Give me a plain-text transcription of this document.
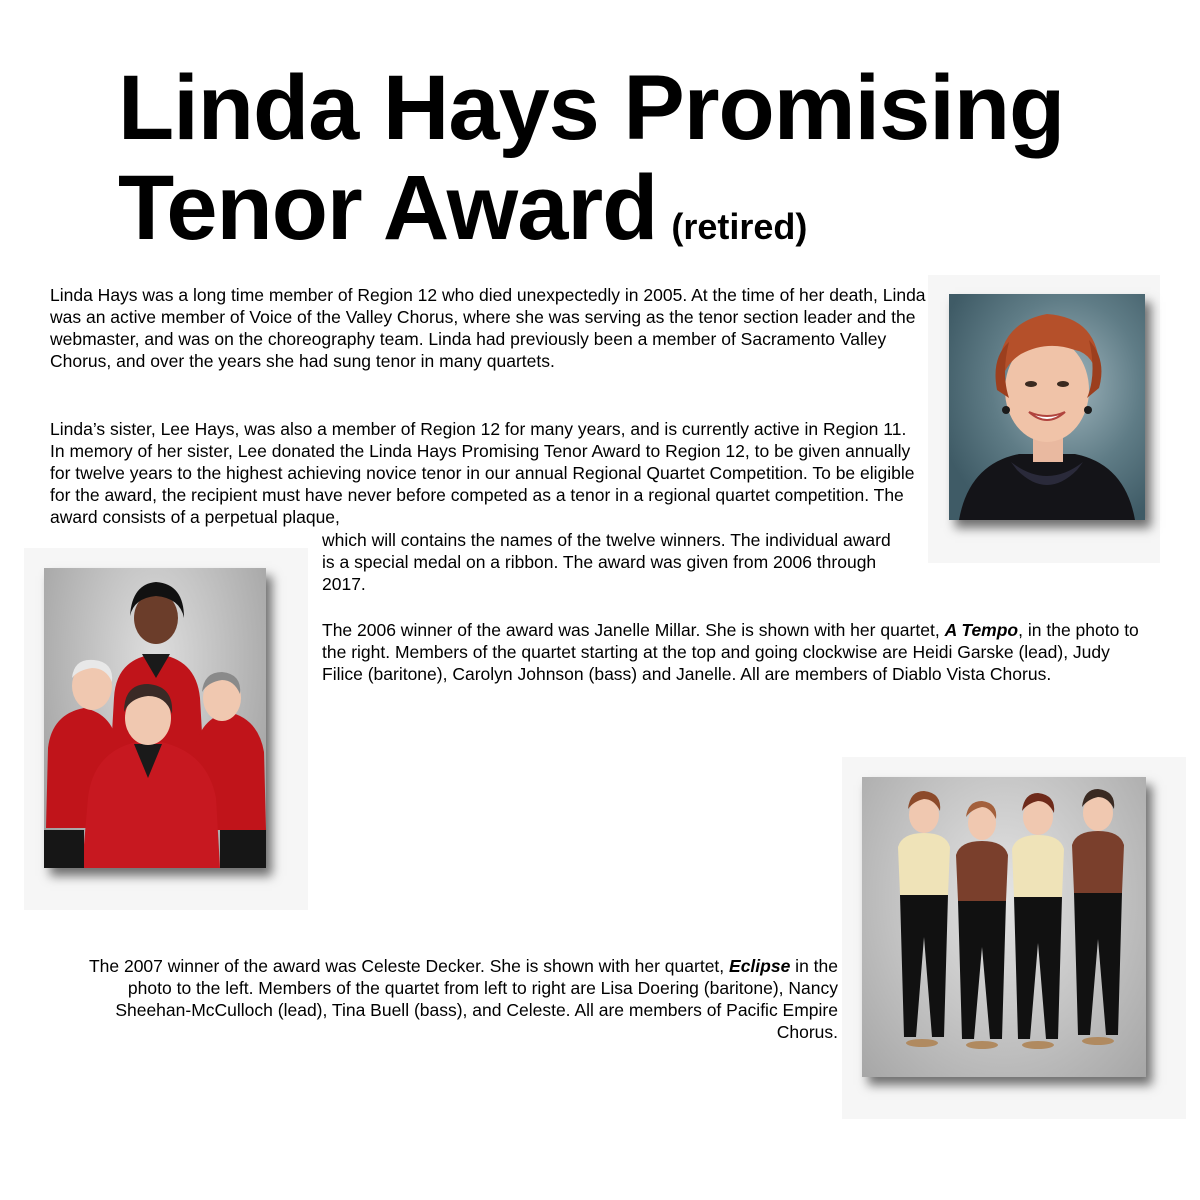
Linda Hays Promising
Tenor Award (retired)

Linda Hays was a long time member of Region 12 who died unexpectedly in 2005. At the time of her death, Linda was an active member of Voice of the Valley Chorus, where she was serving as the tenor section leader and the webmaster, and was on the choreography team. Linda had previously been a member of Sacramento Valley Chorus, and over the years she had sung tenor in many quartets.

Linda’s sister, Lee Hays, was also a member of Region 12 for many years, and is currently active in Region 11. In memory of her sister, Lee donated the Linda Hays Promising Tenor Award to Region 12, to be given annually for twelve years to the highest achieving novice tenor in our annual Regional Quartet Competition. To be eligible for the award, the recipient must have never before competed as a tenor in a regional quartet competition. The award consists of a perpetual plaque,

which will contains the names of the twelve winners. The individual award is a special medal on a ribbon. The award was given from 2006 through 2017.

The 2006 winner of the award was Janelle Millar. She is shown with her quartet, A Tempo, in the photo to the right. Members of the quartet starting at the top and going clockwise are Heidi Garske (lead), Judy Filice (baritone), Carolyn Johnson (bass) and Janelle. All are members of Diablo Vista Chorus.

The 2007 winner of the award was Celeste Decker. She is shown with her quartet, Eclipse in the photo to the left. Members of the quartet from left to right are Lisa Doering (baritone), Nancy Sheehan-McCulloch (lead), Tina Buell (bass), and Celeste. All are members of Pacific Empire Chorus.
